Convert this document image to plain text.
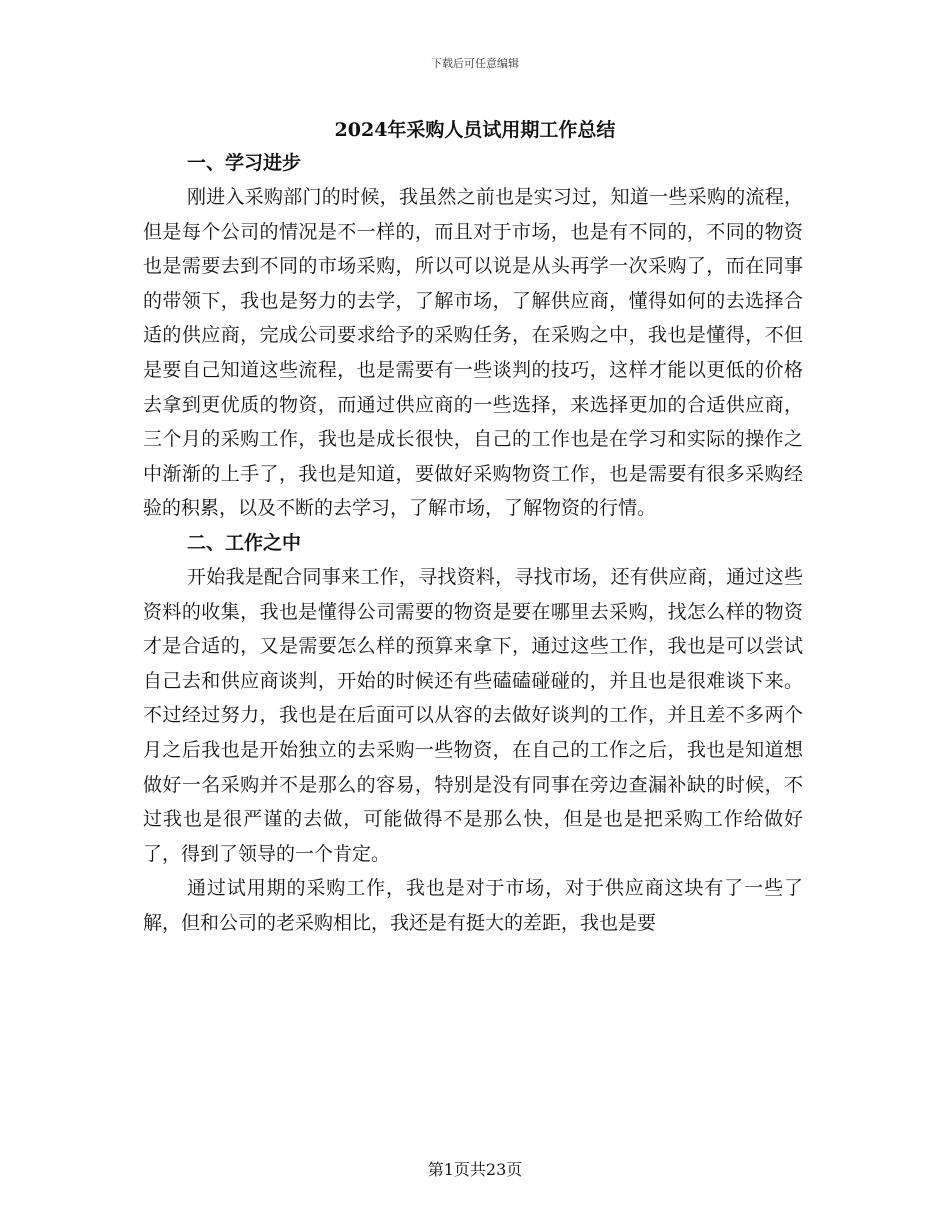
下载后可任意编辑
2024年采购人员试用期工作总结

一、学习进步

刚进入采购部门的时候，我虽然之前也是实习过，知道一些采购的流程，但是每个公司的情况是不一样的，而且对于市场，也是有不同的，不同的物资也是需要去到不同的市场采购，所以可以说是从头再学一次采购了，而在同事的带领下，我也是努力的去学，了解市场，了解供应商，懂得如何的去选择合适的供应商，完成公司要求给予的采购任务，在采购之中，我也是懂得，不但是要自己知道这些流程，也是需要有一些谈判的技巧，这样才能以更低的价格去拿到更优质的物资，而通过供应商的一些选择，来选择更加的合适供应商，三个月的采购工作，我也是成长很快，自己的工作也是在学习和实际的操作之中渐渐的上手了，我也是知道，要做好采购物资工作，也是需要有很多采购经验的积累，以及不断的去学习，了解市场，了解物资的行情。

二、工作之中

开始我是配合同事来工作，寻找资料，寻找市场，还有供应商，通过这些资料的收集，我也是懂得公司需要的物资是要在哪里去采购，找怎么样的物资才是合适的，又是需要怎么样的预算来拿下，通过这些工作，我也是可以尝试自己去和供应商谈判，开始的时候还有些磕磕碰碰的，并且也是很难谈下来。不过经过努力，我也是在后面可以从容的去做好谈判的工作，并且差不多两个月之后我也是开始独立的去采购一些物资，在自己的工作之后，我也是知道想做好一名采购并不是那么的容易，特别是没有同事在旁边查漏补缺的时候，不过我也是很严谨的去做，可能做得不是那么快，但是也是把采购工作给做好了，得到了领导的一个肯定。

通过试用期的采购工作，我也是对于市场，对于供应商这块有了一些了解，但和公司的老采购相比，我还是有挺大的差距，我也是要

第1页共23页
